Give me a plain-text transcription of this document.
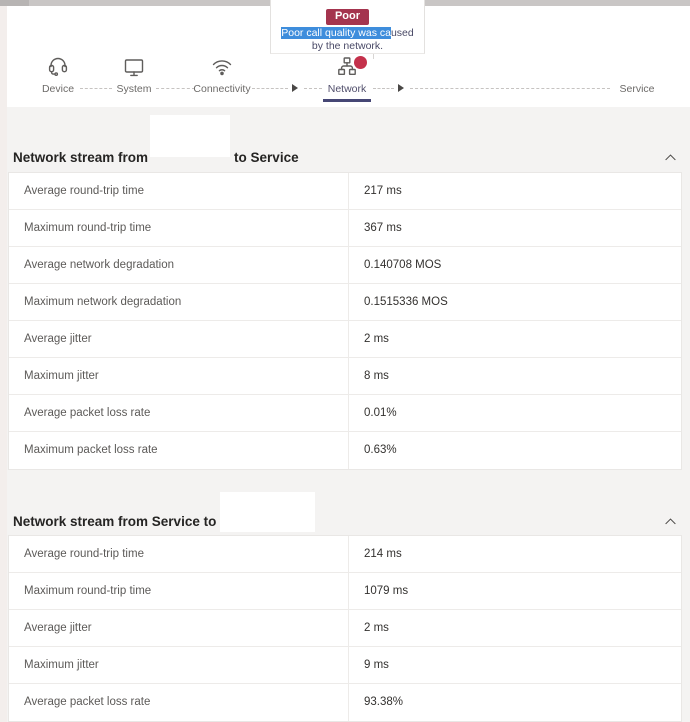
Poor
Poor call quality was caused
by the network.
Device	System	Connectivity	Network	Service
Network stream from	to Service
Average round-trip time	217 ms
Maximum round-trip time	367 ms
Average network degradation	0.140708 MOS
Maximum network degradation	0.1515336 MOS
Average jitter	2 ms
Maximum jitter	8 ms
Average packet loss rate	0.01%
Maximum packet loss rate	0.63%
Network stream from Service to
Average round-trip time	214 ms
Maximum round-trip time	1079 ms
Average jitter	2 ms
Maximum jitter	9 ms
Average packet loss rate	93.38%
